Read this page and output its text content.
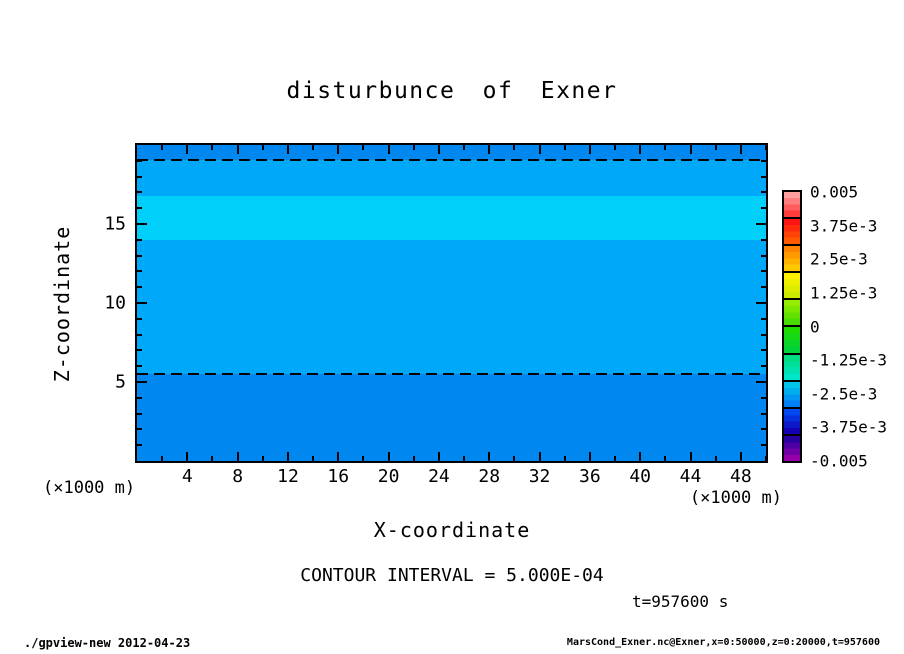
disturbunce of Exner
Z-coordinate
(×1000 m)	(×1000 m)
X-coordinate
CONTOUR INTERVAL = 5.000E-04
t=957600 s
0.005
3.75e-3
2.5e-3
1.25e-3
0
-1.25e-3
-2.5e-3
-3.75e-3
-0.005
./gpview-new 2012-04-23	MarsCond_Exner.nc@Exner,x=0:50000,z=0:20000,t=957600
4 8 12 16 20 24 28 32 36 40 44 48
5
10
15
